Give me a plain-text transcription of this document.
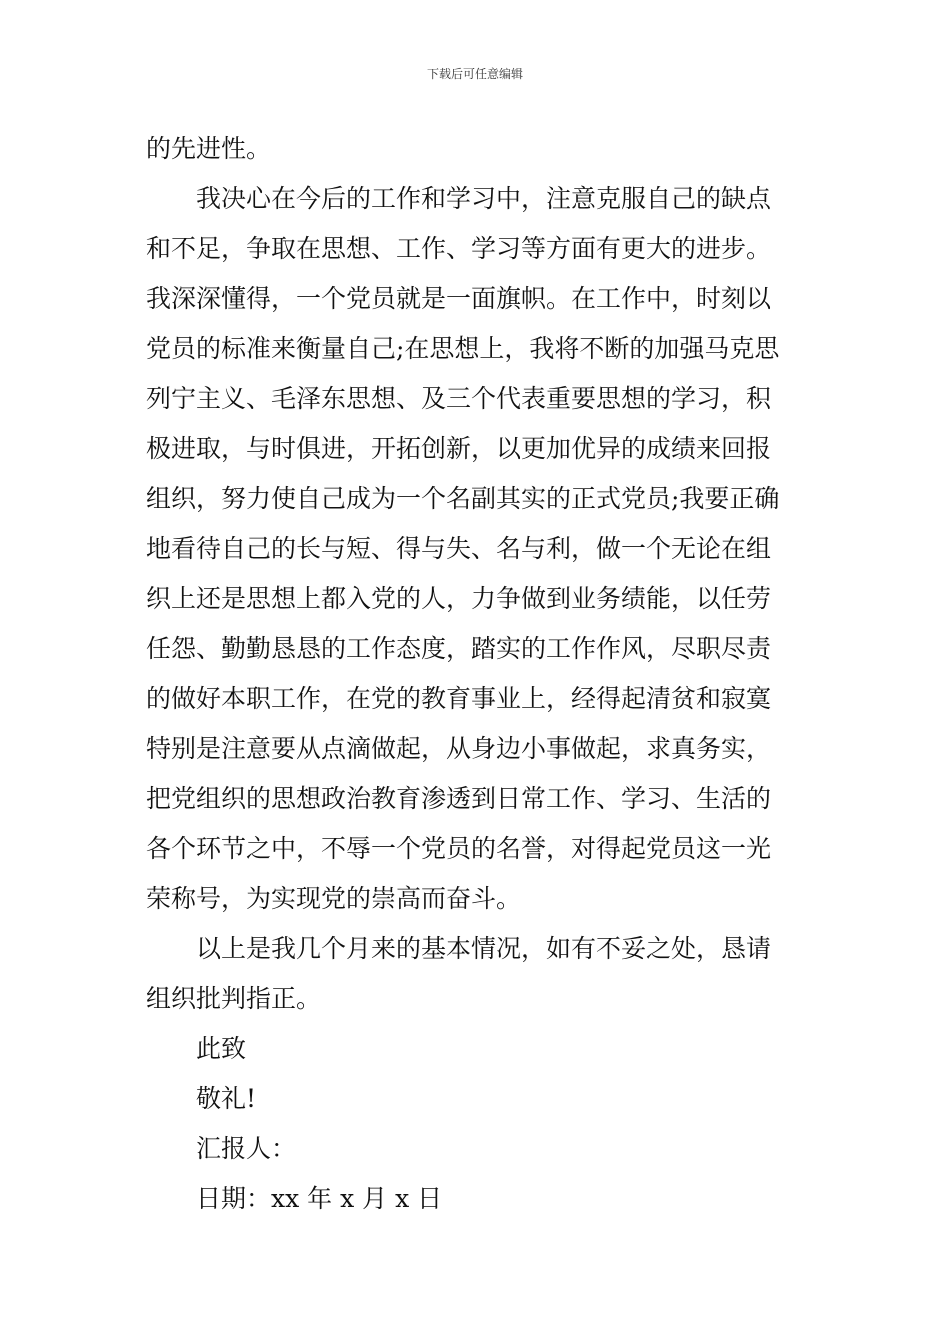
下载后可任意编辑
的先进性。
我决心在今后的工作和学习中，注意克服自己的缺点
和不足，争取在思想、工作、学习等方面有更大的进步。
我深深懂得，一个党员就是一面旗帜。在工作中，时刻以
党员的标准来衡量自己;在思想上，我将不断的加强马克思
列宁主义、毛泽东思想、及三个代表重要思想的学习，积
极进取，与时俱进，开拓创新，以更加优异的成绩来回报
组织，努力使自己成为一个名副其实的正式党员;我要正确
地看待自己的长与短、得与失、名与利，做一个无论在组
织上还是思想上都入党的人，力争做到业务绩能，以任劳
任怨、勤勤恳恳的工作态度，踏实的工作作风，尽职尽责
的做好本职工作，在党的教育事业上，经得起清贫和寂寞
特别是注意要从点滴做起，从身边小事做起，求真务实，
把党组织的思想政治教育渗透到日常工作、学习、生活的
各个环节之中，不辱一个党员的名誉，对得起党员这一光
荣称号，为实现党的崇高而奋斗。
以上是我几个月来的基本情况，如有不妥之处，恳请
组织批判指正。
此致
敬礼!
汇报人：
日期：xx 年 x 月 x 日
